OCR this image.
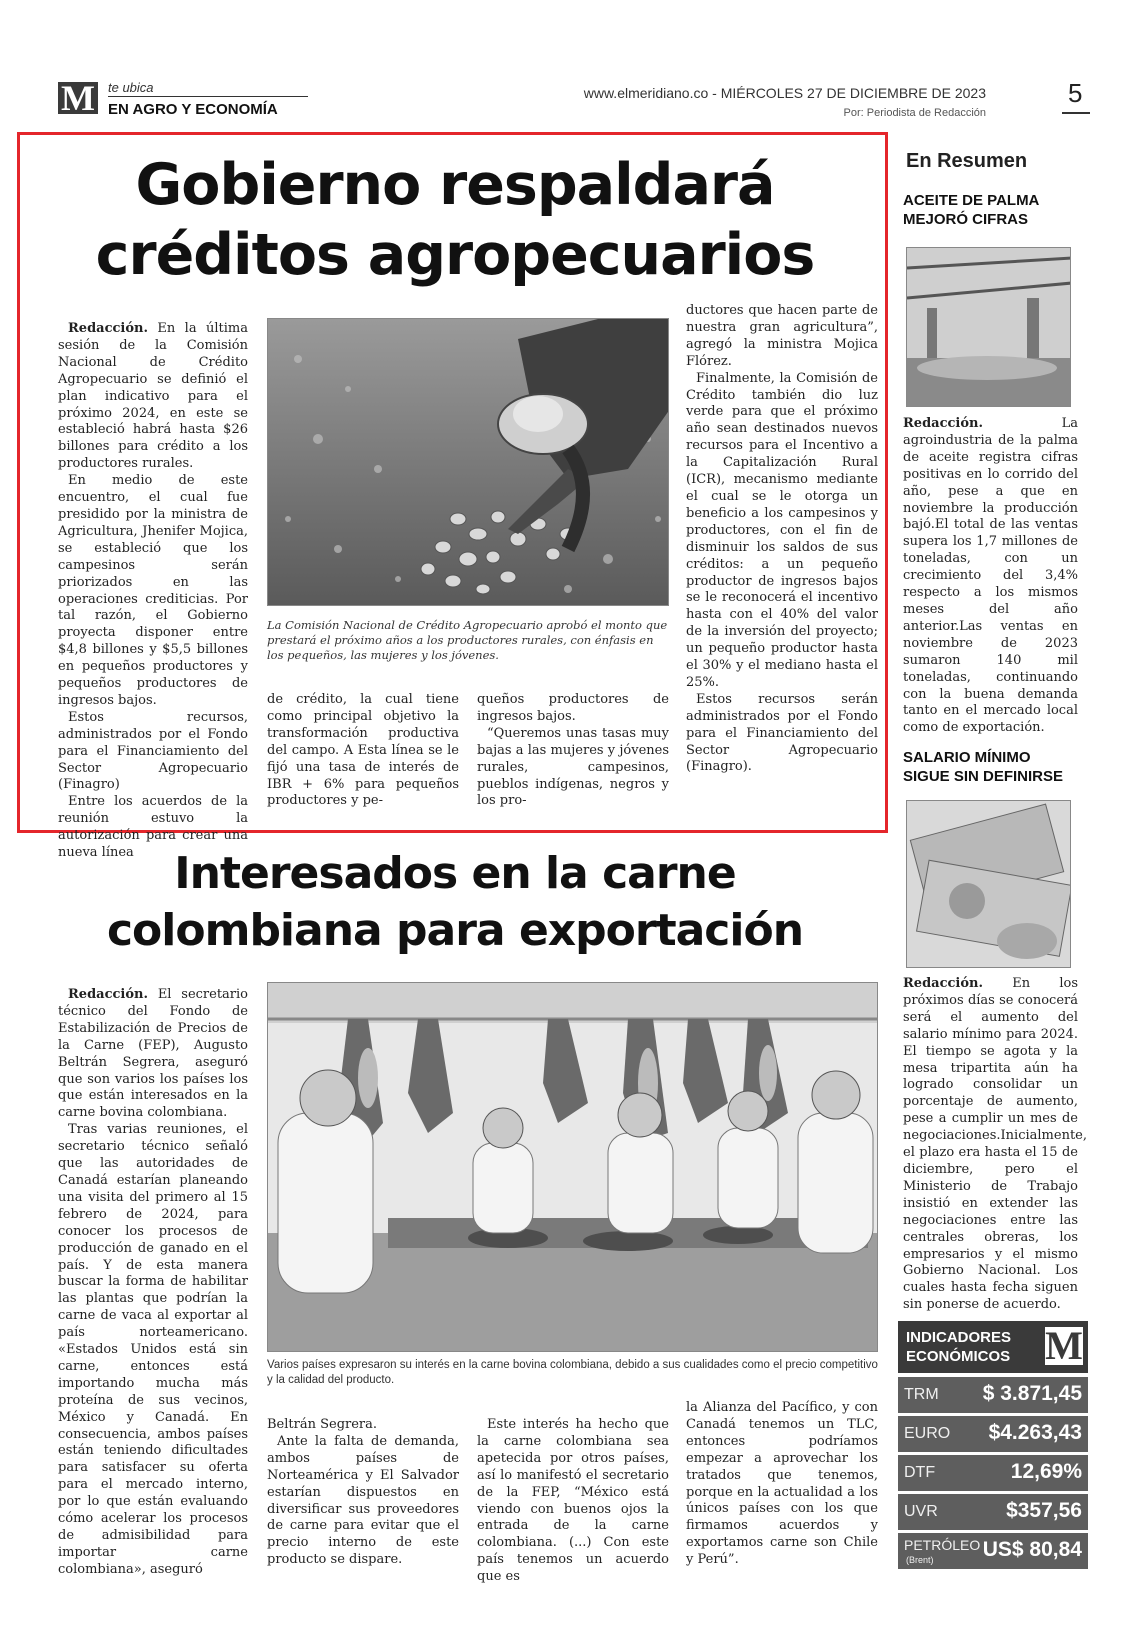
M te ubica
EN AGRO Y ECONOMÍA
www.elmeridiano.co - MIÉRCOLES 27 DE DICIEMBRE DE 2023
Por: Periodista de Redacción
5
Gobierno respaldará
créditos agropecuarios

Redacción. En la última sesión de la Comisión Nacional de Crédito Agropecuario se definió el plan indicativo para el próximo 2024, en este se estableció habrá hasta $26 billones para crédito a los productores rurales.

En medio de este encuentro, el cual fue presidido por la ministra de Agricultura, Jhenifer Mojica, se estableció que los campesinos serán priorizados en las operaciones crediticias. Por tal razón, el Gobierno proyecta disponer entre $4,8 billones y $5,5 billones en pequeños productores y pequeños productores de ingresos bajos.

Estos recursos, administrados por el Fondo para el Financiamiento del Sector Agropecuario (Finagro)

Entre los acuerdos de la reunión estuvo la autorización para crear una nueva línea

La Comisión Nacional de Crédito Agropecuario aprobó el monto que prestará el próximo años a los productores rurales, con énfasis en los pequeños, las mujeres y los jóvenes.

de crédito, la cual tiene como principal objetivo la transformación productiva del campo. A Esta línea se le fijó una tasa de interés de IBR + 6% para pequeños productores y pe-

queños productores de ingresos bajos.

“Queremos unas tasas muy bajas a las mujeres y jóvenes rurales, campesinos, pueblos indígenas, negros y los pro-

ductores que hacen parte de nuestra gran agricultura”, agregó la ministra Mojica Flórez.

Finalmente, la Comisión de Crédito también dio luz verde para que el próximo año sean destinados nuevos recursos para el Incentivo a la Capitalización Rural (ICR), mecanismo mediante el cual se le otorga un beneficio a los campesinos y productores, con el fin de disminuir los saldos de sus créditos: a un pequeño productor de ingresos bajos se le reconocerá el incentivo hasta con el 40% del valor de la inversión del proyecto; un pequeño productor hasta el 30% y el mediano hasta el 25%.

Estos recursos serán administrados por el Fondo para el Financiamiento del Sector Agropecuario (Finagro).

Interesados en la carne
colombiana para exportación

Redacción. El secretario técnico del Fondo de Estabilización de Precios de la Carne (FEP), Augusto Beltrán Segrera, aseguró que son varios los países los que están interesados en la carne bovina colombiana.

Tras varias reuniones, el secretario técnico señaló que las autoridades de Canadá estarían planeando una visita del primero al 15 febrero de 2024, para conocer los procesos de producción de ganado en el país. Y de esta manera buscar la forma de habilitar las plantas que podrían la carne de vaca al exportar al país norteamericano. «Estados Unidos está sin carne, entonces está importando mucha más proteína de sus vecinos, México y Canadá. En consecuencia, ambos países están teniendo dificultades para satisfacer su oferta para el mercado interno, por lo que están evaluando cómo acelerar los procesos de admisibilidad para importar carne colombiana», aseguró

Varios países expresaron su interés en la carne bovina colombiana, debido a sus cualidades como el precio competitivo y la calidad del producto.

Beltrán Segrera.

Ante la falta de demanda, ambos países de Norteamérica y El Salvador estarían dispuestos en diversificar sus proveedores de carne para evitar que el precio interno de este producto se dispare.

Este interés ha hecho que la carne colombiana sea apetecida por otros países, así lo manifestó el secretario de la FEP, “México está viendo con buenos ojos la entrada de la carne colombiana. (...) Con este país tenemos un acuerdo que es

la Alianza del Pacífico, y con Canadá tenemos un TLC, entonces podríamos empezar a aprovechar los tratados que tenemos, porque en la actualidad a los únicos países con los que firmamos acuerdos y exportamos carne son Chile y Perú”.

En Resumen
ACEITE DE PALMA MEJORÓ CIFRAS

Redacción. La agroindustria de la palma de aceite registra cifras positivas en lo corrido del año, pese a que en noviembre la producción bajó.El total de las ventas supera los 1,7 millones de toneladas, con un crecimiento del 3,4% respecto a los mismos meses del año anterior.Las ventas en noviembre de 2023 sumaron 140 mil toneladas, continuando con la buena demanda tanto en el mercado local como de exportación.

SALARIO MÍNIMO SIGUE SIN DEFINIRSE

Redacción. En los próximos días se conocerá será el aumento del salario mínimo para 2024. El tiempo se agota y la mesa tripartita aún ha logrado consolidar un porcentaje de aumento, pese a cumplir un mes de negociaciones.Inicialmente, el plazo era hasta el 15 de diciembre, pero el Ministerio de Trabajo insistió en extender las negociaciones entre las centrales obreras, los empresarios y el mismo Gobierno Nacional. Los cuales hasta fecha siguen sin ponerse de acuerdo.

INDICADORES ECONÓMICOS M
TRM $ 3.871,45
EURO $4.263,43
DTF	12,69%
UVR	$357,56
PETRÓLEO
(Brent) US$ 80,84
